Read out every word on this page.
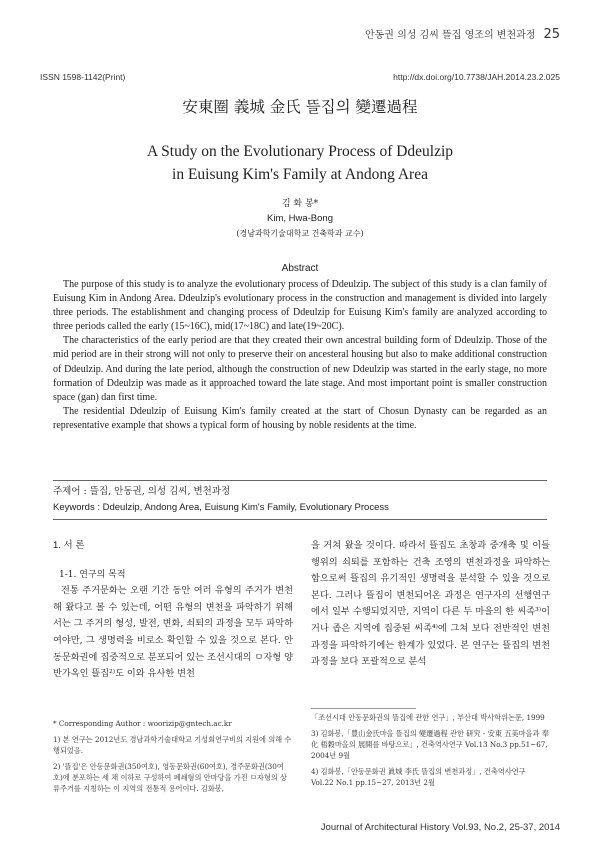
안동권 의성 김씨 뜰집 영조의 변천과정 25
ISSN 1598-1142(Print)	http://dx.doi.org/10.7738/JAH.2014.23.2.025
安東圈 義城 金氏 뜰집의 變遷過程
A Study on the Evolutionary Process of Ddeulzip
in Euisung Kim's Family at Andong Area
김 화 봉*
Kim, Hwa-Bong
(경남과학기술대학교 건축학과 교수)
Abstract

The purpose of this study is to analyze the evolutionary process of Ddeulzip. The subject of this study is a clan family of Euisung Kim in Andong Area. Ddeulzip's evolutionary process in the construction and management is divided into largely three periods. The establishment and changing process of Ddeulzip for Euisung Kim's family are analyzed according to three periods called the early (15~16C), mid(17~18C) and late(19~20C).

The characteristics of the early period are that they created their own ancestral building form of Ddeulzip. Those of the mid period are in their strong will not only to preserve their on ancesteral housing but also to make additional construction of Ddeulzip. And during the late period, although the construction of new Ddeulzip was started in the early stage, no more formation of Ddeulzip was made as it approached toward the late stage. And most important point is smaller construction space (gan) dan first time.

The residential Ddeulzip of Euisung Kim's family created at the start of Chosun Dynasty can be regarded as an representative example that shows a typical form of housing by noble residents at the time.

주제어 : 뜰집, 안동권, 의성 김씨, 변천과정
Keywords : Ddeulzip, Andong Area, Euisung Kim's Family, Evolutionary Process
1. 서 론
1-1. 연구의 목적

전통 주거문화는 오랜 기간 동안 여러 유형의 주거가 변천해 왔다고 볼 수 있는데, 어떤 유형의 변천을 파악하기 위해서는 그 주거의 형성, 발전, 변화, 쇠퇴의 과정을 모두 파악하여야만, 그 생명력을 비로소 확인할 수 있을 것으로 본다. 안동문화권에 집중적으로 분포되어 있는 조선시대의 ㅁ자형 양반가옥인 뜰집²⁾도 이와 유사한 변천

을 거쳐 왔을 것이다. 따라서 뜰집도 초창과 중개축 및 이들 행위의 쇠퇴를 포함하는 건축 조영의 변천과정을 파악하는 함으로써 뜰집의 유기적인 생명력을 분석할 수 있을 것으로 본다. 그러나 뜰집이 변천되어온 과정은 연구자의 선행연구에서 일부 수행되었지만, 지역이 다른 두 마을의 한 씨족³⁾이거나 좁은 지역에 집중된 씨족⁴⁾에 그쳐 보다 전반적인 변천과정을 파악하기에는 한계가 있었다. 본 연구는 뜰집의 변천과정을 보다 포괄적으로 분석

* Corresponding Author : woorizip@gntech.ac.kr

1) 본 연구는 2012년도 경남과학기술대학교 기성회연구비의 지원에 의해 수행되었음.

2) '뜰집'은 안동문화권(350여호), 영동문화권(60여호), 경주문화권(30여호)에 분포하는 세 채 이하로 구성하여 폐쇄형의 안마당을 가진 ㅁ자형의 상류주거를 지칭하는 이 지역의 전통적 용어이다. 김화봉,

「조선시대 안동문화권의 뜰집에 관한 연구」, 부산대 박사학위논문, 1999

3) 김화봉,「豊山金氏마을 뜰집의 變遷過程 관한 研究 - 安東 五美마을과 奉化 梧穀마을의 展開를 바탕으로」, 건축역사연구 Vol.13 No.3 pp.51~67, 2004년 9월

4) 김화봉,「안동문화권 眞城 李氏 뜰집의 변천과정」, 건축역사연구 Vol.22 No.1 pp.15~27, 2013년 2월

Journal of Architectural History Vol.93, No.2, 25-37, 2014
